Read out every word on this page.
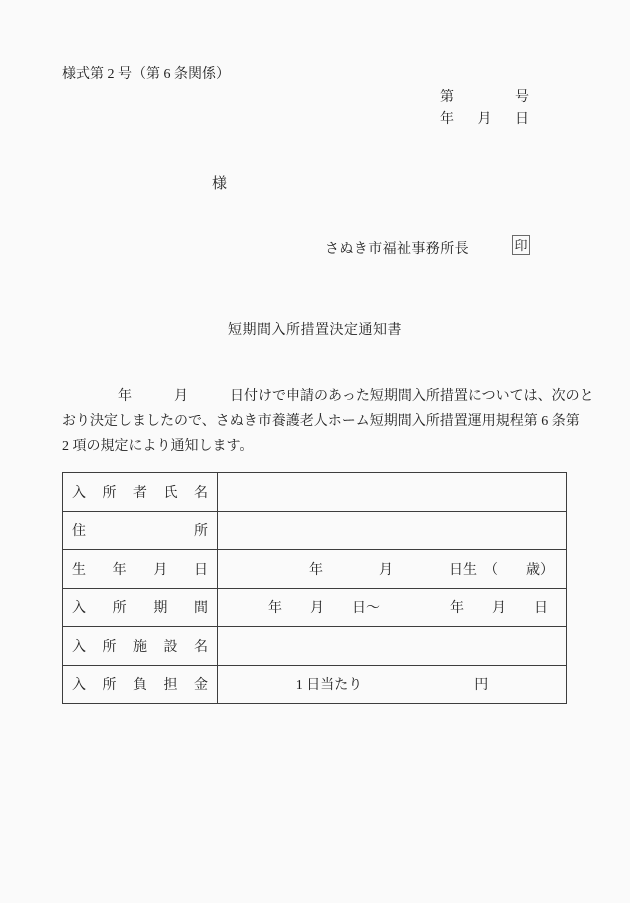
様式第 2 号（第 6 条関係）
第	号
年 月 日
様
さぬき市福祉事務所長	印
短期間入所措置決定通知書
　　　　年　　　月　　　日付けで申請のあった短期間入所措置については、次のと
おり決定しましたので、さぬき市養護老人ホーム短期間入所措置運用規程第 6 条第
2 項の規定により通知します。
入 所 者 氏 名	
住 所	
生 年 月 日	年　　　　月　　　　日生　（　　歳）
入 所 期 間	年　　月　　日～　　　　　年　　月　　日
入 所 施 設 名	
入 所 負 担 金	1 日当たり　　　　　　　　円
